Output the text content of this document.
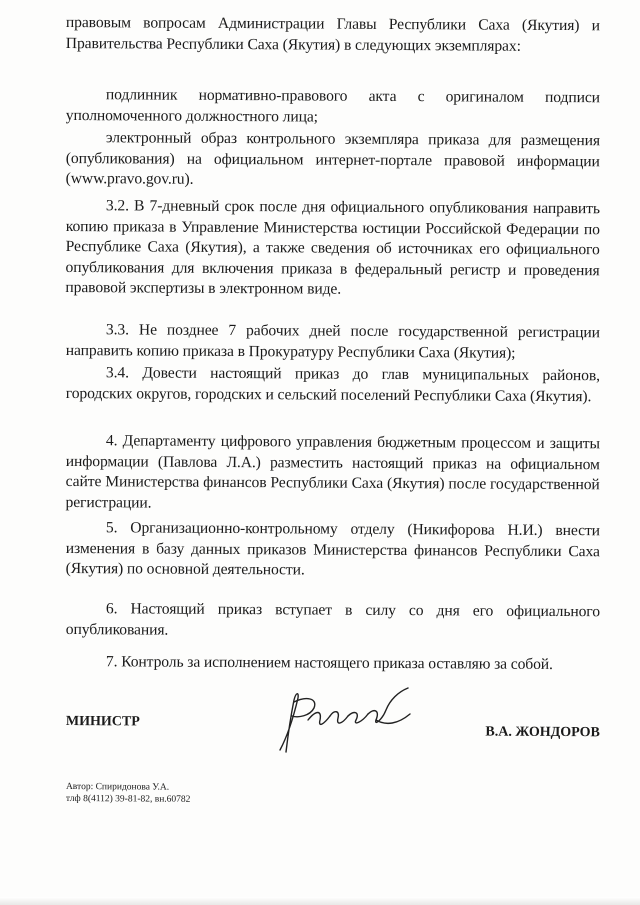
правовым вопросам Администрации Главы Республики Саха (Якутия) и Правительства Республики Саха (Якутия) в следующих экземплярах:

подлинник нормативно-правового акта с оригиналом подписи уполномоченного должностного лица;

электронный образ контрольного экземпляра приказа для размещения (опубликования) на официальном интернет-портале правовой информации (www.pravo.gov.ru).

3.2. В 7-дневный срок после дня официального опубликования направить копию приказа в Управление Министерства юстиции Российской Федерации по Республике Саха (Якутия), а также сведения об источниках его официального опубликования для включения приказа в федеральный регистр и проведения правовой экспертизы в электронном виде.

3.3. Не позднее 7 рабочих дней после государственной регистрации направить копию приказа в Прокуратуру Республики Саха (Якутия);

3.4. Довести настоящий приказ до глав муниципальных районов, городских округов, городских и сельский поселений Республики Саха (Якутия).

4. Департаменту цифрового управления бюджетным процессом и защиты информации (Павлова Л.А.) разместить настоящий приказ на официальном сайте Министерства финансов Республики Саха (Якутия) после государственной регистрации.

5. Организационно-контрольному отделу (Никифорова Н.И.) внести изменения в базу данных приказов Министерства финансов Республики Саха (Якутия) по основной деятельности.

6. Настоящий приказ вступает в силу со дня его официального опубликования.

7. Контроль за исполнением настоящего приказа оставляю за собой.

МИНИСТР
В.А. ЖОНДОРОВ
Автор: Спиридонова У.А.
тлф 8(4112) 39-81-82, вн.60782
